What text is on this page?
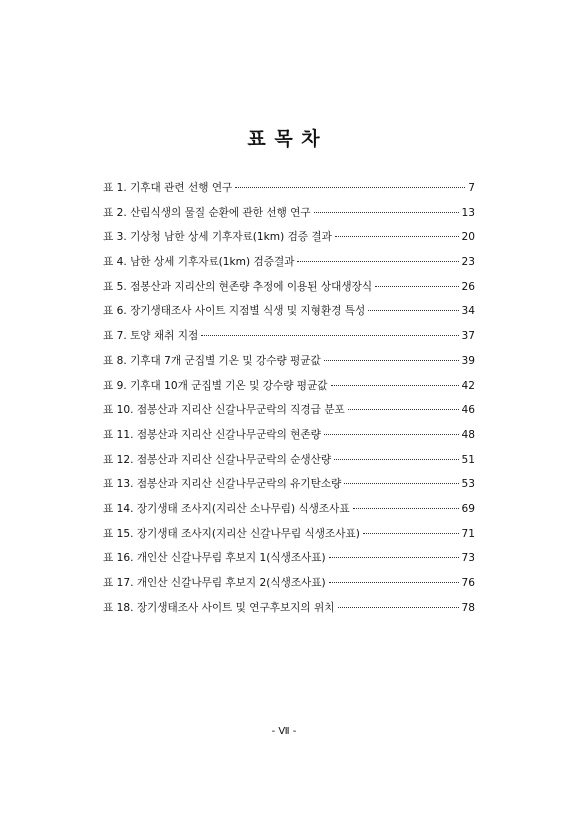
표 목 차
표 1. 기후대 관련 선행 연구	7
표 2. 산림식생의 물질 순환에 관한 선행 연구	13
표 3. 기상청 남한 상세 기후자료(1km) 검증 결과	20
표 4. 남한 상세 기후자료(1km) 검증결과	23
표 5. 점봉산과 지리산의 현존량 추정에 이용된 상대생장식	26
표 6. 장기생태조사 사이트 지점별 식생 및 지형환경 특성	34
표 7. 토양 채취 지점	37
표 8. 기후대 7개 군집별 기온 및 강수량 평균값	39
표 9. 기후대 10개 군집별 기온 및 강수량 평균값	42
표 10. 점봉산과 지리산 신갈나무군락의 직경급 분포	46
표 11. 점봉산과 지리산 신갈나무군락의 현존량	48
표 12. 점봉산과 지리산 신갈나무군락의 순생산량	51
표 13. 점봉산과 지리산 신갈나무군락의 유기탄소량	53
표 14. 장기생태 조사지(지리산 소나무림) 식생조사표	69
표 15. 장기생태 조사지(지리산 신갈나무림 식생조사표)	71
표 16. 개인산 신갈나무림 후보지 1(식생조사표)	73
표 17. 개인산 신갈나무림 후보지 2(식생조사표)	76
표 18. 장기생태조사 사이트 및 연구후보지의 위치	78
- Ⅶ -
